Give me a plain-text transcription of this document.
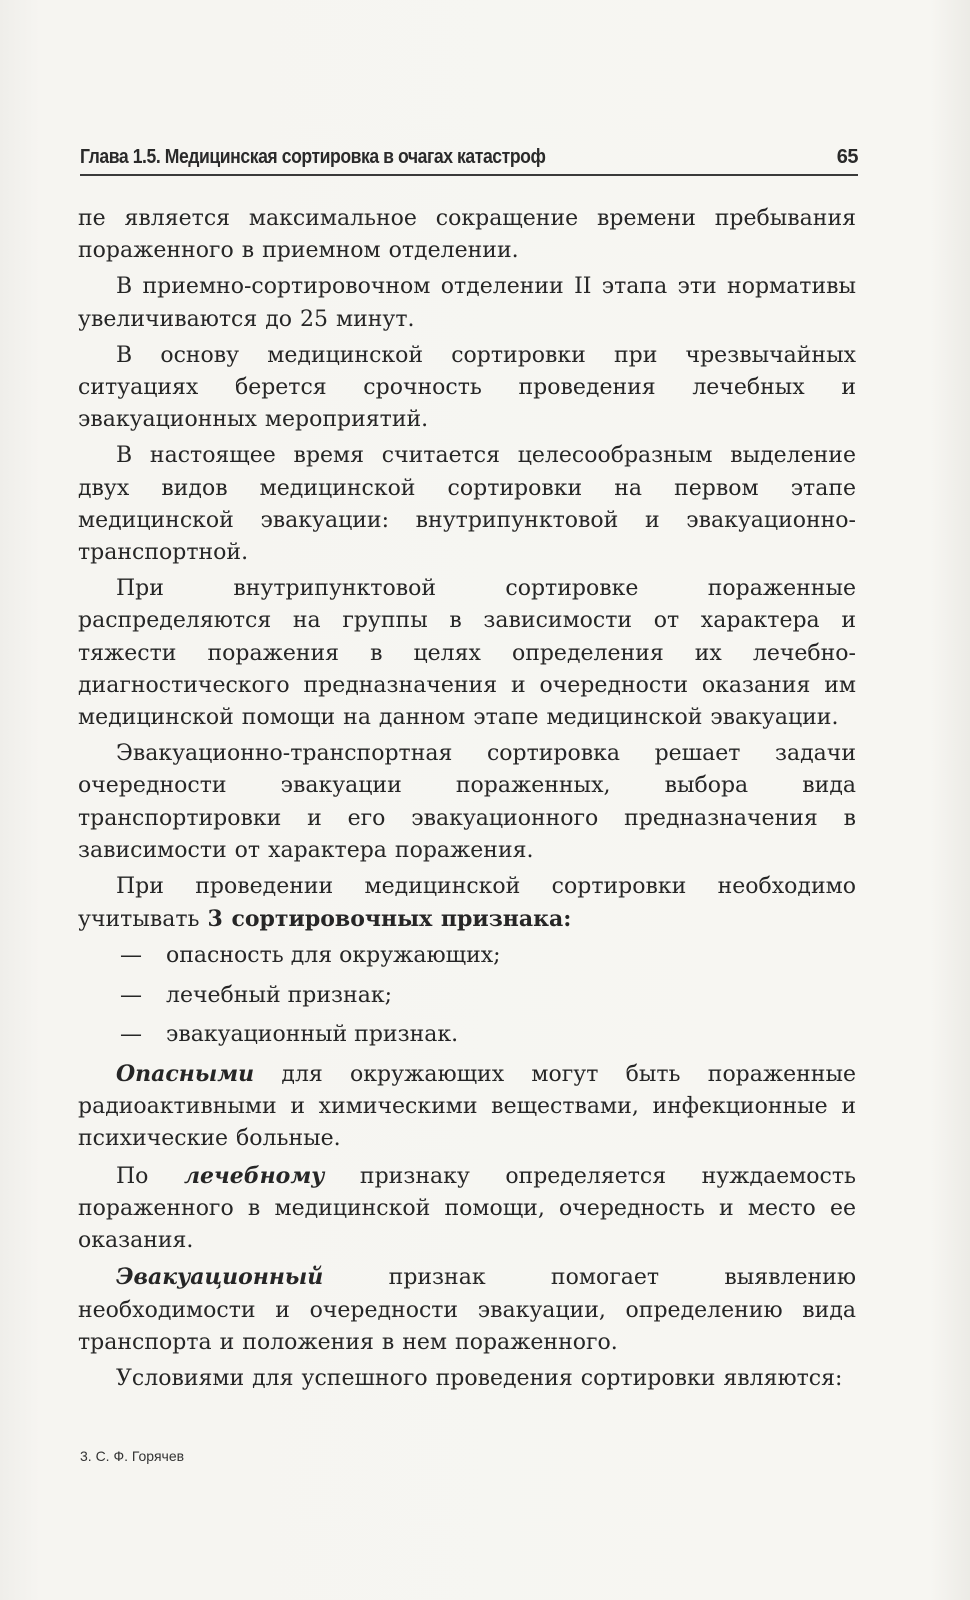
Глава 1.5. Медицинская сортировка в очагах катастроф	65

пе является максимальное сокращение времени пребывания пораженного в приемном отделении.

В приемно-сортировочном отделении II этапа эти нормативы увеличиваются до 25 минут.

В основу медицинской сортировки при чрезвычайных ситуациях берется срочность проведения лечебных и эвакуационных мероприятий.

В настоящее время считается целесообразным выделение двух видов медицинской сортировки на первом этапе медицинской эвакуации: внутрипунктовой и эвакуационно-транспортной.

При внутрипунктовой сортировке пораженные распределяются на группы в зависимости от характера и тяжести поражения в целях определения их лечебно-диагностического предназначения и очередности оказания им медицинской помощи на данном этапе медицинской эвакуации.

Эвакуационно-транспортная сортировка решает задачи очередности эвакуации пораженных, выбора вида транспортировки и его эвакуационного предназначения в зависимости от характера поражения.

При проведении медицинской сортировки необходимо учитывать 3 сортировочных признака:

— опасность для окружающих;
— лечебный признак;
— эвакуационный признак.

Опасными для окружающих могут быть пораженные радиоактивными и химическими веществами, инфекционные и психические больные.

По лечебному признаку определяется нуждаемость пораженного в медицинской помощи, очередность и место ее оказания.

Эвакуационный признак помогает выявлению необходимости и очередности эвакуации, определению вида транспорта и положения в нем пораженного.

Условиями для успешного проведения сортировки являются:

3. С. Ф. Горячев
